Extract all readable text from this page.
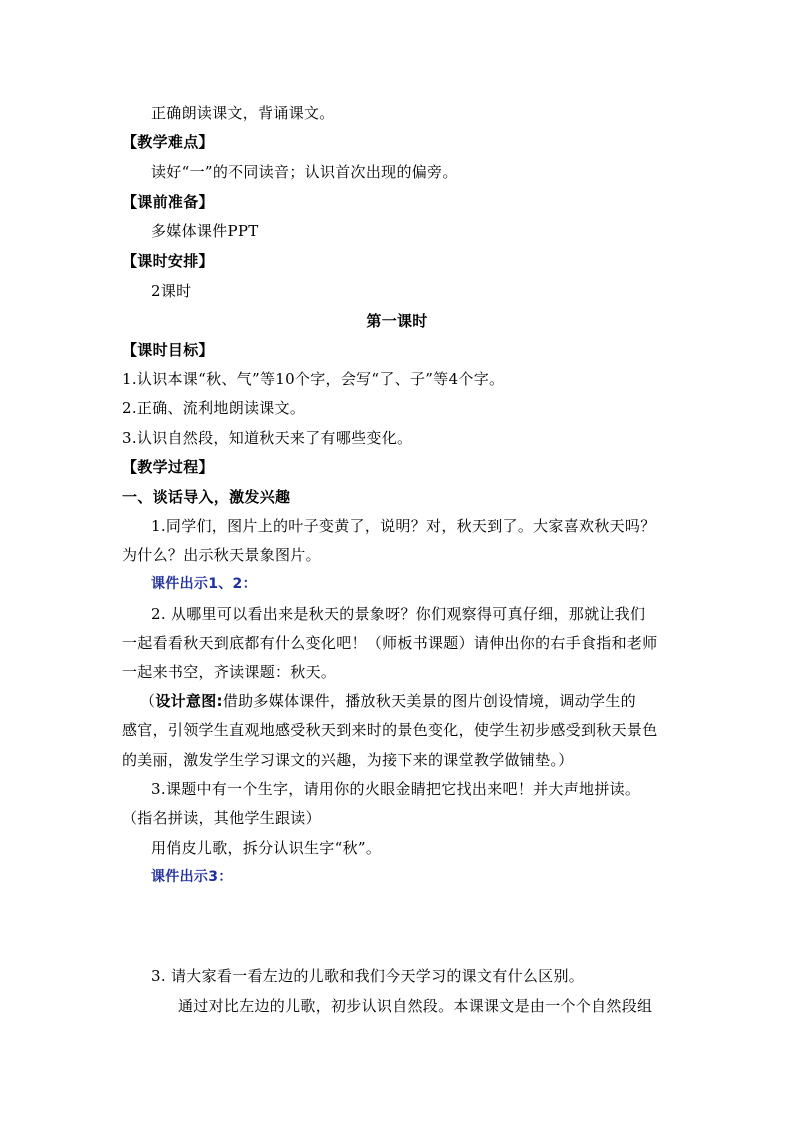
正确朗读课文，背诵课文。
【教学难点】
读好“一”的不同读音；认识首次出现的偏旁。
【课前准备】
多媒体课件PPT
【课时安排】
2课时
第一课时
【课时目标】
1.认识本课“秋、气”等10个字，会写“了、子”等4个字。
2.正确、流利地朗读课文。
3.认识自然段，知道秋天来了有哪些变化。
【教学过程】
一、谈话导入，激发兴趣
1.同学们，图片上的叶子变黄了，说明？对，秋天到了。大家喜欢秋天吗？
为什么？出示秋天景象图片。
课件出示1、2：
2. 从哪里可以看出来是秋天的景象呀？你们观察得可真仔细，那就让我们
一起看看秋天到底都有什么变化吧！（师板书课题）请伸出你的右手食指和老师
一起来书空，齐读课题：秋天。
（设计意图:借助多媒体课件，播放秋天美景的图片创设情境，调动学生的
感官，引领学生直观地感受秋天到来时的景色变化，使学生初步感受到秋天景色
的美丽，激发学生学习课文的兴趣，为接下来的课堂教学做铺垫。）
3.课题中有一个生字，请用你的火眼金睛把它找出来吧！并大声地拼读。
（指名拼读，其他学生跟读）
用俏皮儿歌，拆分认识生字“秋”。
课件出示3：
3. 请大家看一看左边的儿歌和我们今天学习的课文有什么区别。
通过对比左边的儿歌，初步认识自然段。本课课文是由一个个自然段组
